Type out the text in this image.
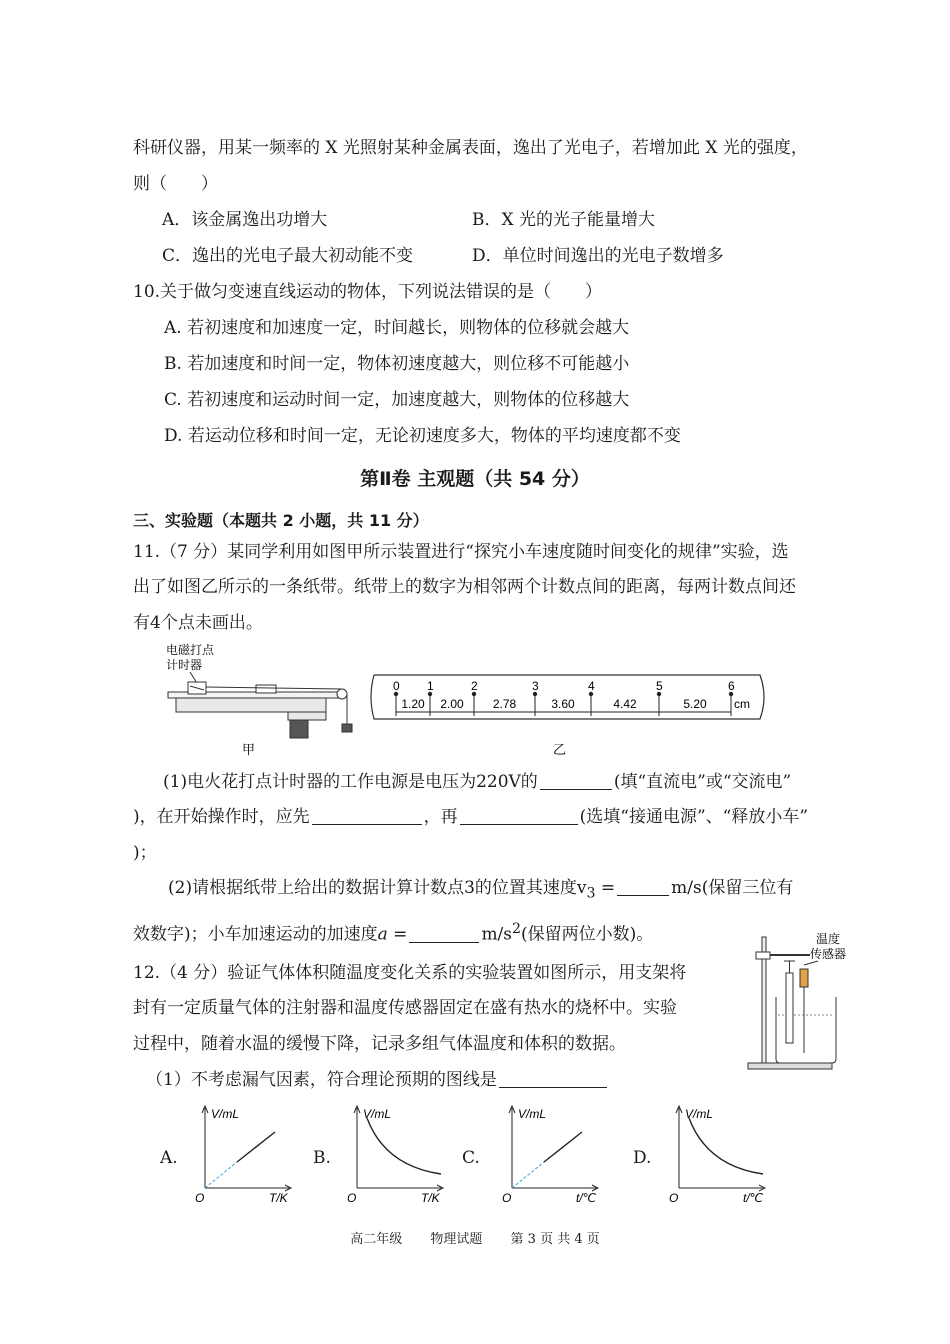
科研仪器，用某一频率的 X 光照射某种金属表面，逸出了光电子，若增加此 X 光的强度，
则（　　）
A．该金属逸出功增大	B．X 光的光子能量增大
C．逸出的光电子最大初动能不变	D．单位时间逸出的光电子数增多
10.关于做匀变速直线运动的物体，下列说法错误的是（　　）
A. 若初速度和加速度一定，时间越长，则物体的位移就会越大
B. 若加速度和时间一定，物体初速度越大，则位移不可能越小
C. 若初速度和运动时间一定，加速度越大，则物体的位移越大
D. 若运动位移和时间一定，无论初速度多大，物体的平均速度都不变
第Ⅱ卷 主观题（共 54 分）
三、实验题（本题共 2 小题，共 11 分）
11.（7 分）某同学利用如图甲所示装置进行“探究小车速度随时间变化的规律”实验，选
出了如图乙所示的一条纸带。纸带上的数字为相邻两个计数点间的距离，每两计数点间还
有4个点未画出。
电磁打点
计时器
甲
0 1	2	3	4	5	6
1.20 2.00 2.78	3.60	4.42	5.20 cm
乙
(1)电火花打点计时器的工作电源是电压为220V的	(填“直流电”或“交流电”
)，在开始操作时，应先	，再	(选填“接通电源”、“释放小车”
)；
(2)请根据纸带上给出的数据计算计数点3的位置其速度$v_3$ =	m/s(保留三位有
效数字)；小车加速运动的加速度a =	$m/s^2$(保留两位小数)。
12.（4 分）验证气体体积随温度变化关系的实验装置如图所示，用支架将
封有一定质量气体的注射器和温度传感器固定在盛有热水的烧杯中。实验
过程中，随着水温的缓慢下降，记录多组气体温度和体积的数据。
（1）不考虑漏气因素，符合理论预期的图线是
温度
传感器
A.
V/mL
T/K
O
B.
V/mL
T/K
O
C.
V/mL
t/℃
O
D.
V/mL
t/℃
O
高二年级 物理试题 第 3 页 共 4 页
